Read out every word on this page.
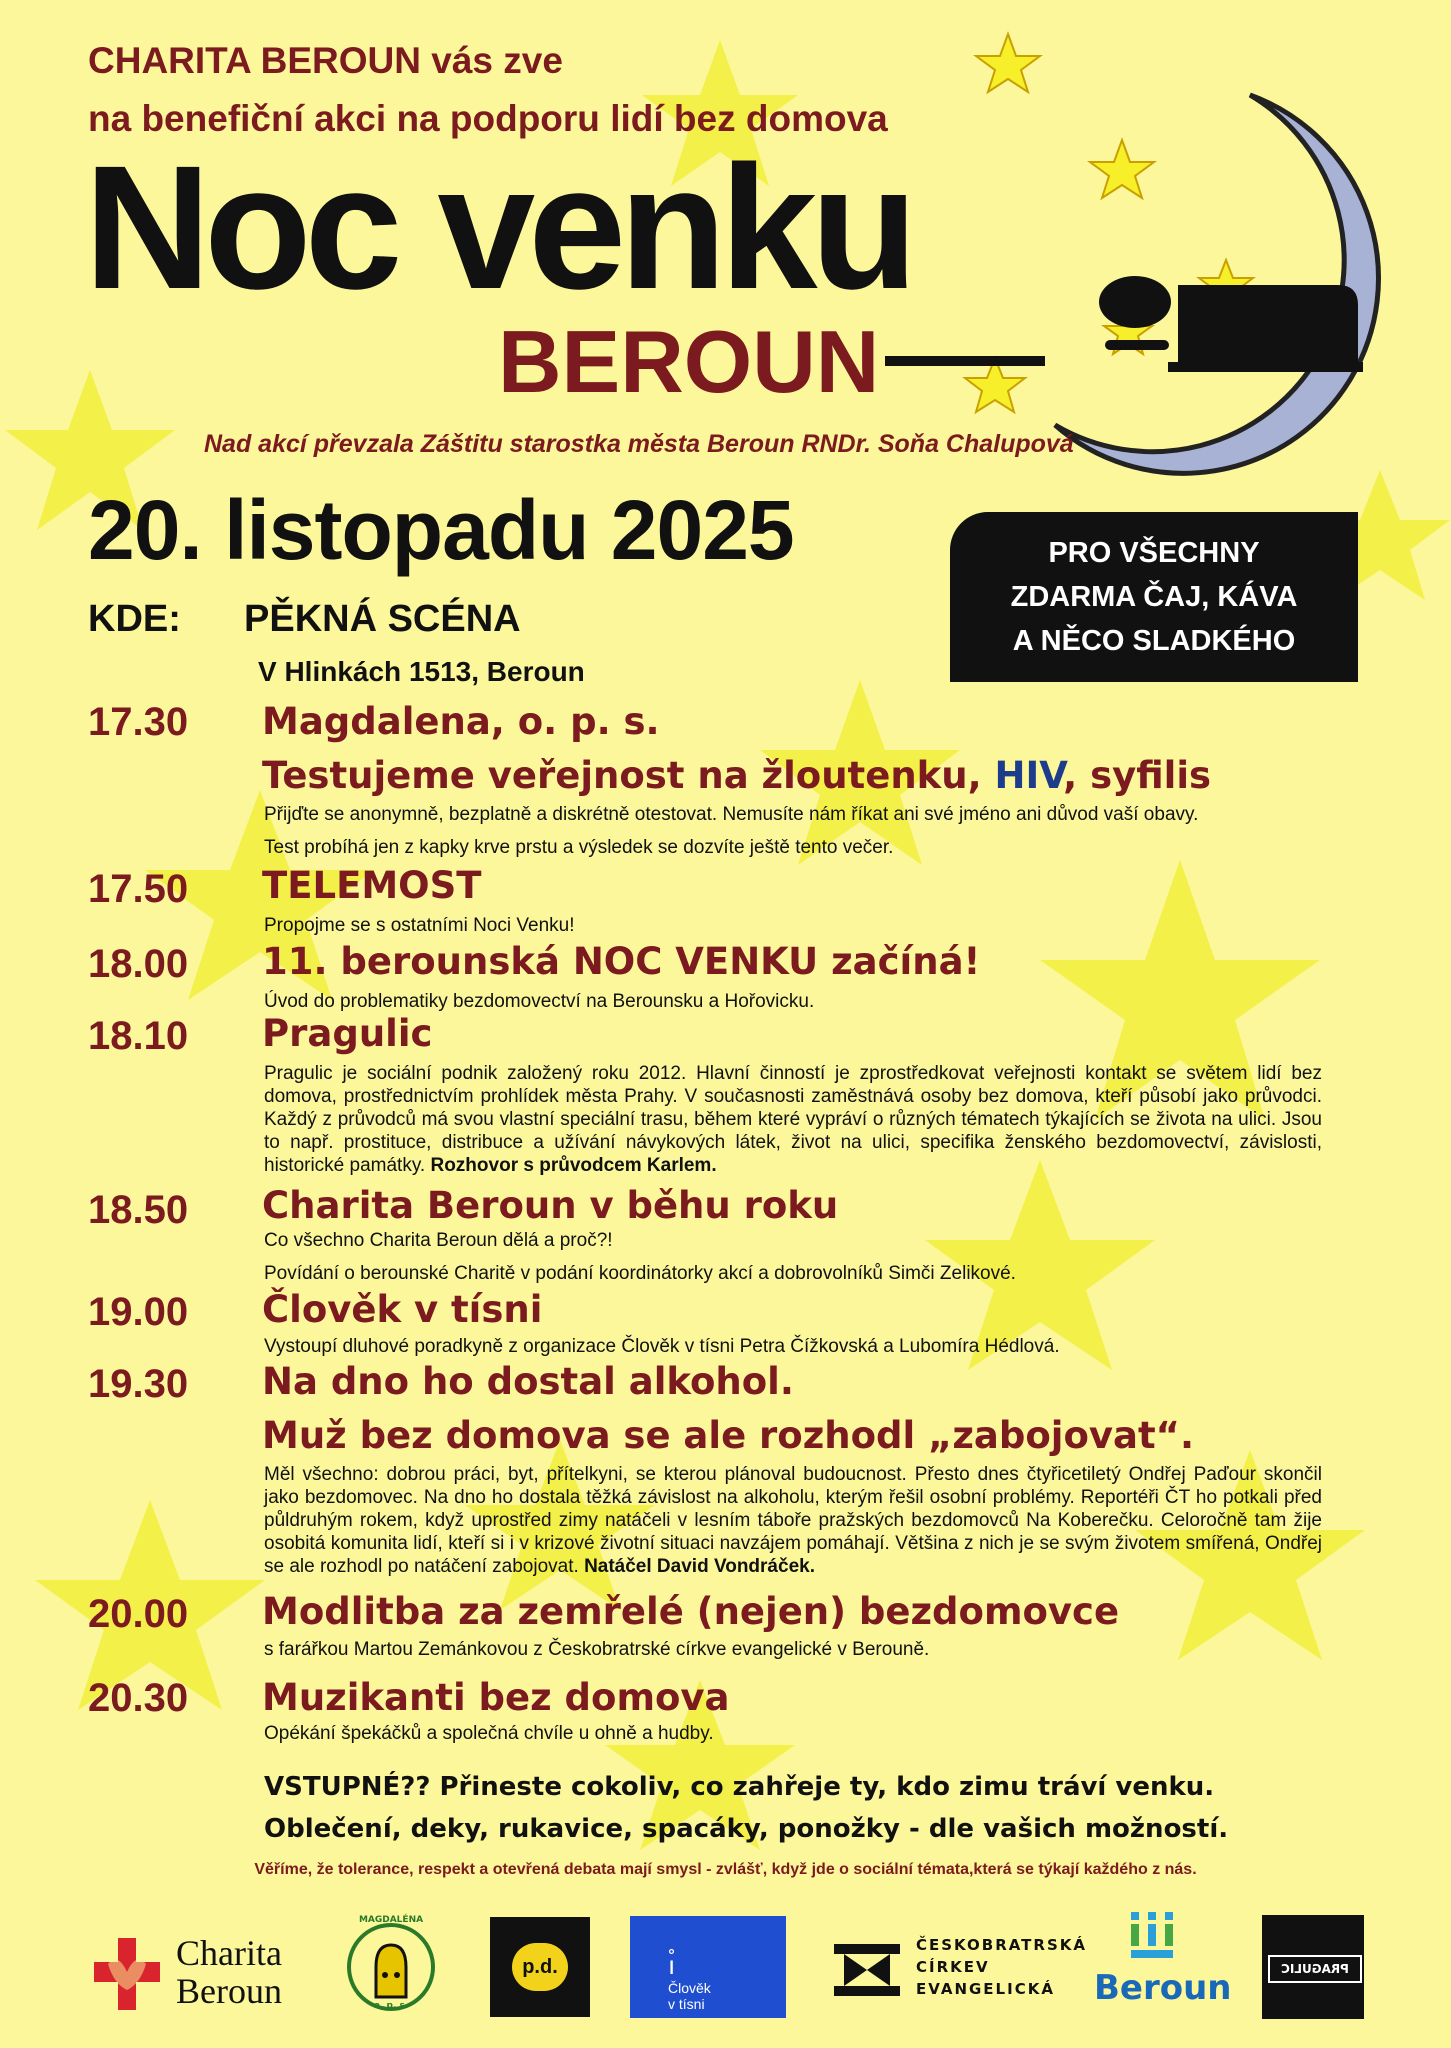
CHARITA BEROUN vás zve
na benefiční akci na podporu lidí bez domova
Noc venku
BEROUN
Nad akcí převzala Záštitu starostka města Beroun RNDr. Soňa Chalupová
20. listopadu 2025	PRO VŠECHNY
ZDARMA ČAJ, KÁVA
A NĚCO SLADKÉHO
KDE: PĚKNÁ SCÉNA
V Hlinkách 1513, Beroun
17.30 Magdalena, o. p. s.
Testujeme veřejnost na žloutenku, HIV, syfilis
Přijďte se anonymně, bezplatně a diskrétně otestovat. Nemusíte nám říkat ani své jméno ani důvod vaší obavy.
Test probíhá jen z kapky krve prstu a výsledek se dozvíte ještě tento večer.
17.50 TELEMOST
Propojme se s ostatními Noci Venku!
18.00 11. berounská NOC VENKU začíná!
Úvod do problematiky bezdomovectví na Berounsku a Hořovicku.
18.10 Pragulic
Pragulic je sociální podnik založený roku 2012. Hlavní činností je zprostředkovat veřejnosti kontakt se světem lidí bez domova, prostřednictvím prohlídek města Prahy. V současnosti zaměstnává osoby bez domova, kteří působí jako průvodci. Každý z průvodců má svou vlastní speciální trasu, během které vypráví o různých tématech týkajících se života na ulici. Jsou to např. prostituce, distribuce a užívání návykových látek, život na ulici, specifika ženského bezdomovectví, závislosti, historické památky. Rozhovor s průvodcem Karlem.
18.50 Charita Beroun v běhu roku
Co všechno Charita Beroun dělá a proč?!
Povídání o berounské Charitě v podání koordinátorky akcí a dobrovolníků Simči Zelikové.
19.00 Člověk v tísni
Vystoupí dluhové poradkyně z organizace Člověk v tísni Petra Čížkovská a Lubomíra Hédlová.
19.30 Na dno ho dostal alkohol.
Muž bez domova se ale rozhodl „zabojovat“.
Měl všechno: dobrou práci, byt, přítelkyni, se kterou plánoval budoucnost. Přesto dnes čtyřicetiletý Ondřej Paďour skončil jako bezdomovec. Na dno ho dostala těžká závislost na alkoholu, kterým řešil osobní problémy. Reportéři ČT ho potkali před půldruhým rokem, když uprostřed zimy natáčeli v lesním táboře pražských bezdomovců Na Koberečku. Celoročně tam žije osobitá komunita lidí, kteří si i v krizové životní situaci navzájem pomáhají. Většina z nich je se svým životem smířená, Ondřej se ale rozhodl po natáčení zabojovat. Natáčel David Vondráček.
20.00 Modlitba za zemřelé (nejen) bezdomovce
s farářkou Martou Zemánkovou z Českobratrské církve evangelické v Berouně.
20.30 Muzikanti bez domova
Opékání špekáčků a společná chvíle u ohně a hudby.
VSTUPNÉ?? Přineste cokoliv, co zahřeje ty, kdo zimu tráví venku.
Oblečení, deky, rukavice, spacáky, ponožky - dle vašich možností.
Věříme, že tolerance, respekt a otevřená debata mají smysl - zvlášť, když jde o sociální témata,která se týkají každého z nás.
Charita
Beroun
MAGDALÉNA
o. p. s.
p.d.	ı̊
Člověk
v tísni
ČESKOBRATRSKÁ
CÍRKEV
EVANGELICKÁ	Beroun	PRAGULIC
